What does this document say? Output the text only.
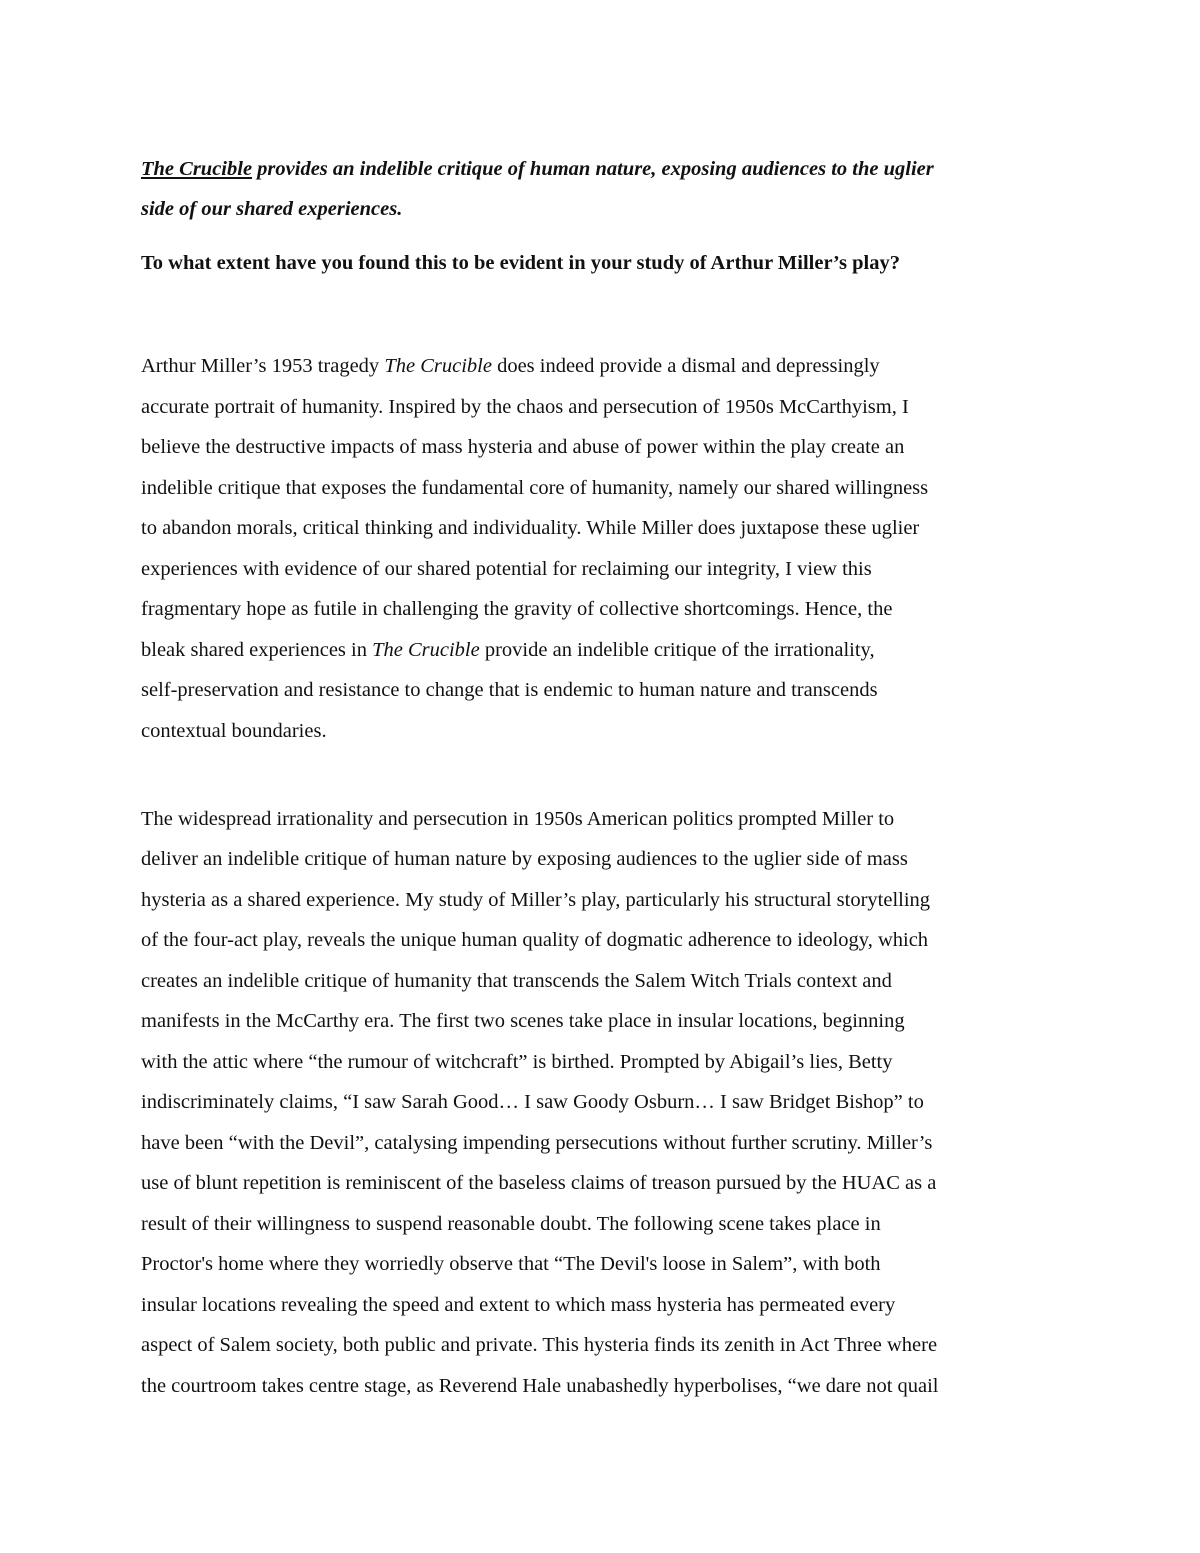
The Crucible provides an indelible critique of human nature, exposing audiences to the uglier
side of our shared experiences.
To what extent have you found this to be evident in your study of Arthur Miller’s play?
Arthur Miller’s 1953 tragedy The Crucible does indeed provide a dismal and depressingly
accurate portrait of humanity. Inspired by the chaos and persecution of 1950s McCarthyism, I
believe the destructive impacts of mass hysteria and abuse of power within the play create an
indelible critique that exposes the fundamental core of humanity, namely our shared willingness
to abandon morals, critical thinking and individuality. While Miller does juxtapose these uglier
experiences with evidence of our shared potential for reclaiming our integrity, I view this
fragmentary hope as futile in challenging the gravity of collective shortcomings. Hence, the
bleak shared experiences in The Crucible provide an indelible critique of the irrationality,
self-preservation and resistance to change that is endemic to human nature and transcends
contextual boundaries.
The widespread irrationality and persecution in 1950s American politics prompted Miller to
deliver an indelible critique of human nature by exposing audiences to the uglier side of mass
hysteria as a shared experience. My study of Miller’s play, particularly his structural storytelling
of the four-act play, reveals the unique human quality of dogmatic adherence to ideology, which
creates an indelible critique of humanity that transcends the Salem Witch Trials context and
manifests in the McCarthy era. The first two scenes take place in insular locations, beginning
with the attic where “the rumour of witchcraft” is birthed. Prompted by Abigail’s lies, Betty
indiscriminately claims, “I saw Sarah Good… I saw Goody Osburn… I saw Bridget Bishop” to
have been “with the Devil”, catalysing impending persecutions without further scrutiny. Miller’s
use of blunt repetition is reminiscent of the baseless claims of treason pursued by the HUAC as a
result of their willingness to suspend reasonable doubt. The following scene takes place in
Proctor's home where they worriedly observe that “The Devil's loose in Salem”, with both
insular locations revealing the speed and extent to which mass hysteria has permeated every
aspect of Salem society, both public and private. This hysteria finds its zenith in Act Three where
the courtroom takes centre stage, as Reverend Hale unabashedly hyperbolises, “we dare not quail
